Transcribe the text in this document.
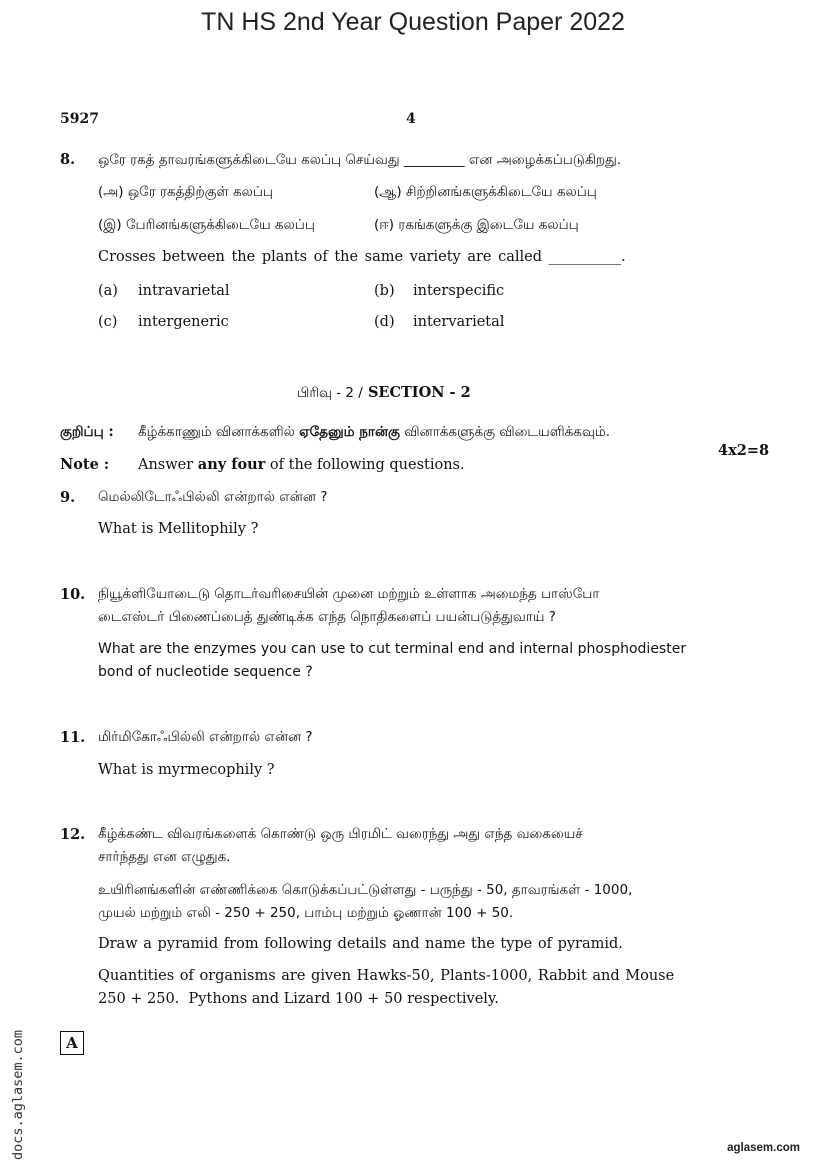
TN HS 2nd Year Question Paper 2022
5927	4
8. ஒரே ரகத் தாவரங்களுக்கிடையே கலப்பு செய்வது _________ என அழைக்கப்படுகிறது.
(அ) ஒரே ரகத்திற்குள் கலப்பு	(ஆ) சிற்றினங்களுக்கிடையே கலப்பு
(இ) பேரினங்களுக்கிடையே கலப்பு	(ஈ) ரகங்களுக்கு இடையே கலப்பு
Crosses between the plants of the same variety are called __________.
(a) intravarietal	(b) interspecific
(c) intergeneric	(d) intervarietal
பிரிவு - 2 / SECTION - 2
குறிப்பு : கீழ்க்காணும் வினாக்களில் ஏதேனும் நான்கு வினாக்களுக்கு விடையளிக்கவும்.
4x2=8
Note : Answer any four of the following questions.
9. மெல்லிடோஃபில்லி என்றால் என்ன ?
What is Mellitophily ?
10. நியூக்ளியோடைடு தொடர்வரிசையின் முனை மற்றும் உள்ளாக அமைந்த பாஸ்போ
டைஎஸ்டர் பிணைப்பைத் துண்டிக்க எந்த நொதிகளைப் பயன்படுத்துவாய் ?
What are the enzymes you can use to cut terminal end and internal phosphodiester
bond of nucleotide sequence ?
11. மிர்மிகோஃபில்லி என்றால் என்ன ?
What is myrmecophily ?
12. கீழ்க்கண்ட விவரங்களைக் கொண்டு ஒரு பிரமிட் வரைந்து அது எந்த வகையைச்
சார்ந்தது என எழுதுக.
உயிரினங்களின் எண்ணிக்கை கொடுக்கப்பட்டுள்ளது - பருந்து - 50, தாவரங்கள் - 1000,
முயல் மற்றும் எலி - 250 + 250, பாம்பு மற்றும் ஓணான் 100 + 50.
Draw a pyramid from following details and name the type of pyramid.
Quantities of organisms are given Hawks-50, Plants-1000, Rabbit and Mouse
250 + 250.  Pythons and Lizard 100 + 50 respectively.
A
docs.aglasem.com	aglasem.com
